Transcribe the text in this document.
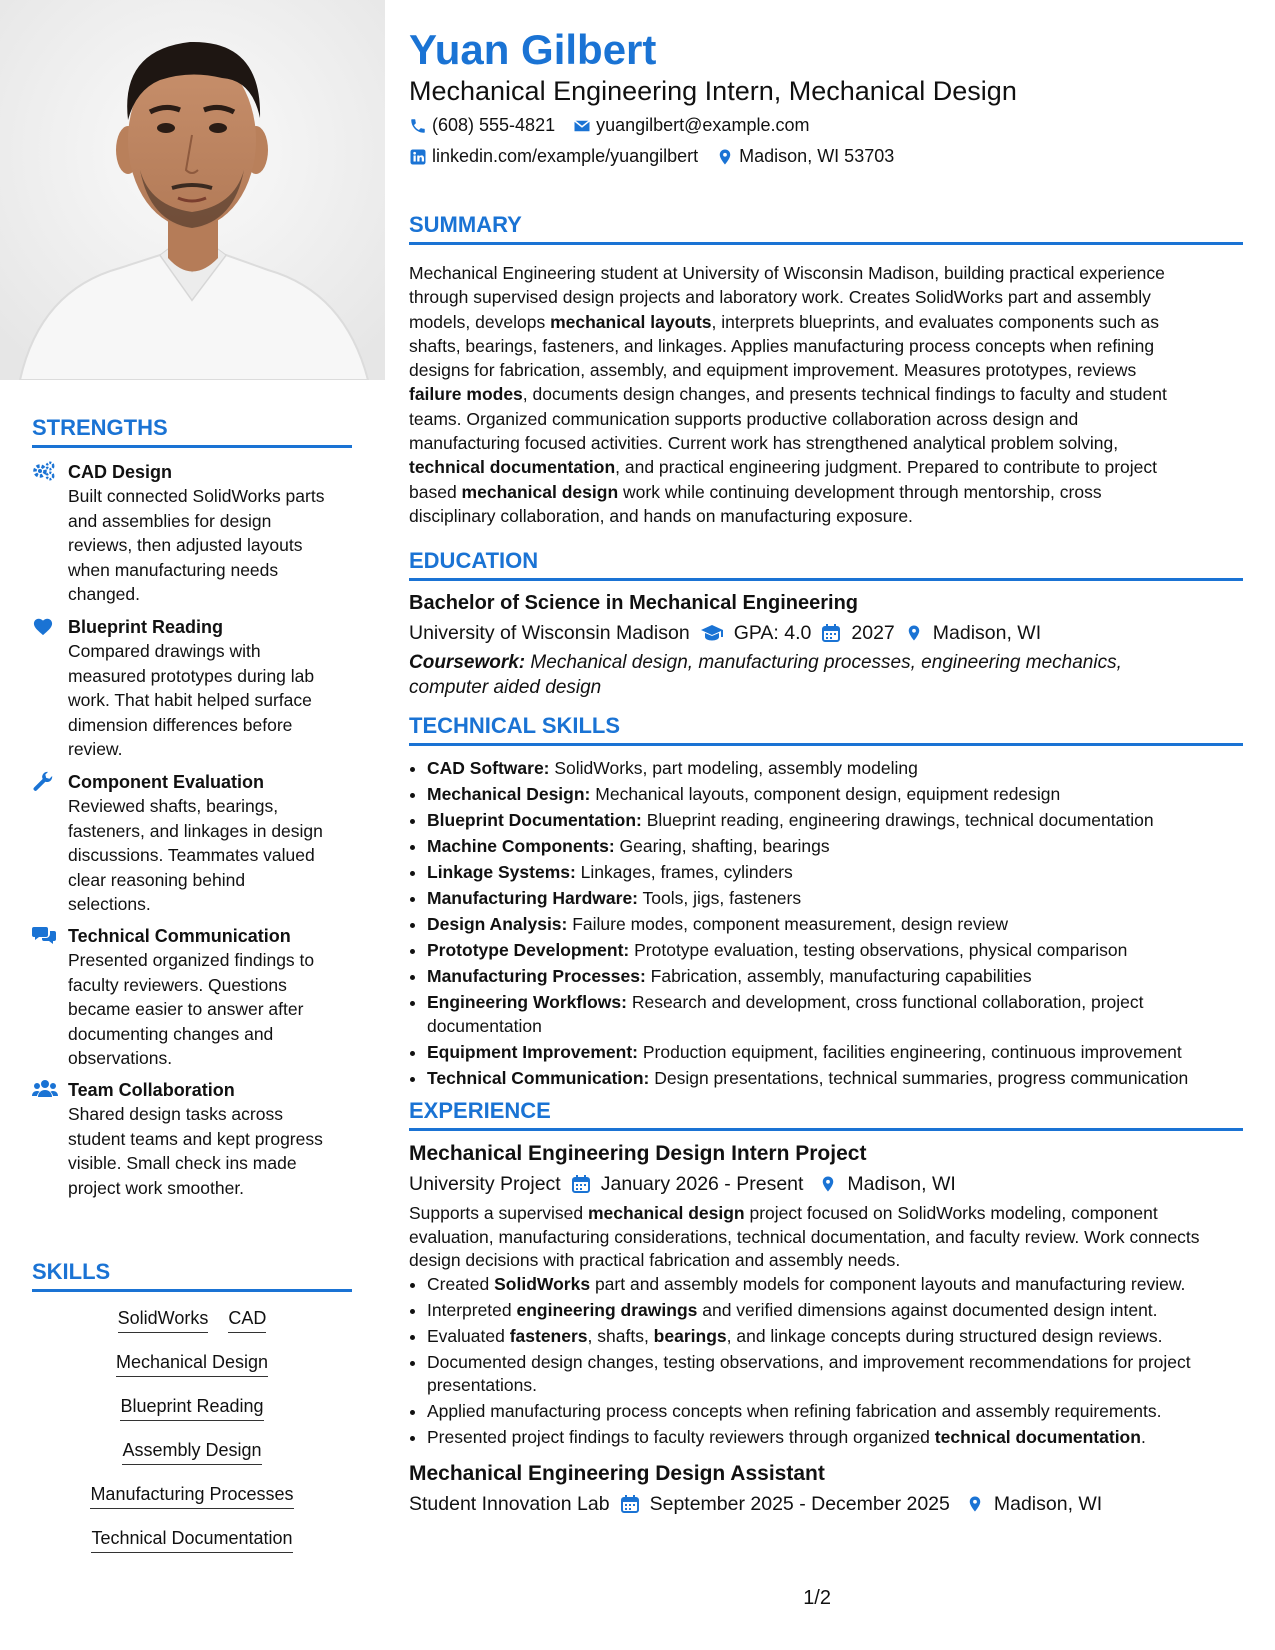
STRENGTHS
CAD Design
Built connected SolidWorks parts
and assemblies for design
reviews, then adjusted layouts
when manufacturing needs
changed.
Blueprint Reading
Compared drawings with
measured prototypes during lab
work. That habit helped surface
dimension differences before
review.
Component Evaluation
Reviewed shafts, bearings,
fasteners, and linkages in design
discussions. Teammates valued
clear reasoning behind
selections.
Technical Communication
Presented organized findings to
faculty reviewers. Questions
became easier to answer after
documenting changes and
observations.
Team Collaboration
Shared design tasks across
student teams and kept progress
visible. Small check ins made
project work smoother.
SKILLS
SolidWorks CAD
Mechanical Design
Blueprint Reading
Assembly Design
Manufacturing Processes
Technical Documentation
Yuan Gilbert
Mechanical Engineering Intern, Mechanical Design
(608) 555-4821 yuangilbert@example.com
linkedin.com/example/yuangilbert Madison, WI 53703
SUMMARY
Mechanical Engineering student at University of Wisconsin Madison, building practical experience
through supervised design projects and laboratory work. Creates SolidWorks part and assembly
models, develops mechanical layouts, interprets blueprints, and evaluates components such as
shafts, bearings, fasteners, and linkages. Applies manufacturing process concepts when refining
designs for fabrication, assembly, and equipment improvement. Measures prototypes, reviews
failure modes, documents design changes, and presents technical findings to faculty and student
teams. Organized communication supports productive collaboration across design and
manufacturing focused activities. Current work has strengthened analytical problem solving,
technical documentation, and practical engineering judgment. Prepared to contribute to project
based mechanical design work while continuing development through mentorship, cross
disciplinary collaboration, and hands on manufacturing exposure.
EDUCATION
Bachelor of Science in Mechanical Engineering
University of Wisconsin Madison GPA: 4.0 2027 Madison, WI
Coursework: Mechanical design, manufacturing processes, engineering mechanics,
computer aided design
TECHNICAL SKILLS
• CAD Software: SolidWorks, part modeling, assembly modeling
• Mechanical Design: Mechanical layouts, component design, equipment redesign
• Blueprint Documentation: Blueprint reading, engineering drawings, technical documentation
• Machine Components: Gearing, shafting, bearings
• Linkage Systems: Linkages, frames, cylinders
• Manufacturing Hardware: Tools, jigs, fasteners
• Design Analysis: Failure modes, component measurement, design review
• Prototype Development: Prototype evaluation, testing observations, physical comparison
• Manufacturing Processes: Fabrication, assembly, manufacturing capabilities
• Engineering Workflows: Research and development, cross functional collaboration, project documentation
• Equipment Improvement: Production equipment, facilities engineering, continuous improvement
• Technical Communication: Design presentations, technical summaries, progress communication
EXPERIENCE
Mechanical Engineering Design Intern Project
University Project January 2026 - Present Madison, WI

Supports a supervised mechanical design project focused on SolidWorks modeling, component evaluation, manufacturing considerations, technical documentation, and faculty review. Work connects design decisions with practical fabrication and assembly needs.

• Created SolidWorks part and assembly models for component layouts and manufacturing review.
• Interpreted engineering drawings and verified dimensions against documented design intent.
• Evaluated fasteners, shafts, bearings, and linkage concepts during structured design reviews.
• Documented design changes, testing observations, and improvement recommendations for project presentations.
• Applied manufacturing process concepts when refining fabrication and assembly requirements.
• Presented project findings to faculty reviewers through organized technical documentation.
Mechanical Engineering Design Assistant
Student Innovation Lab September 2025 - December 2025 Madison, WI
1/2
